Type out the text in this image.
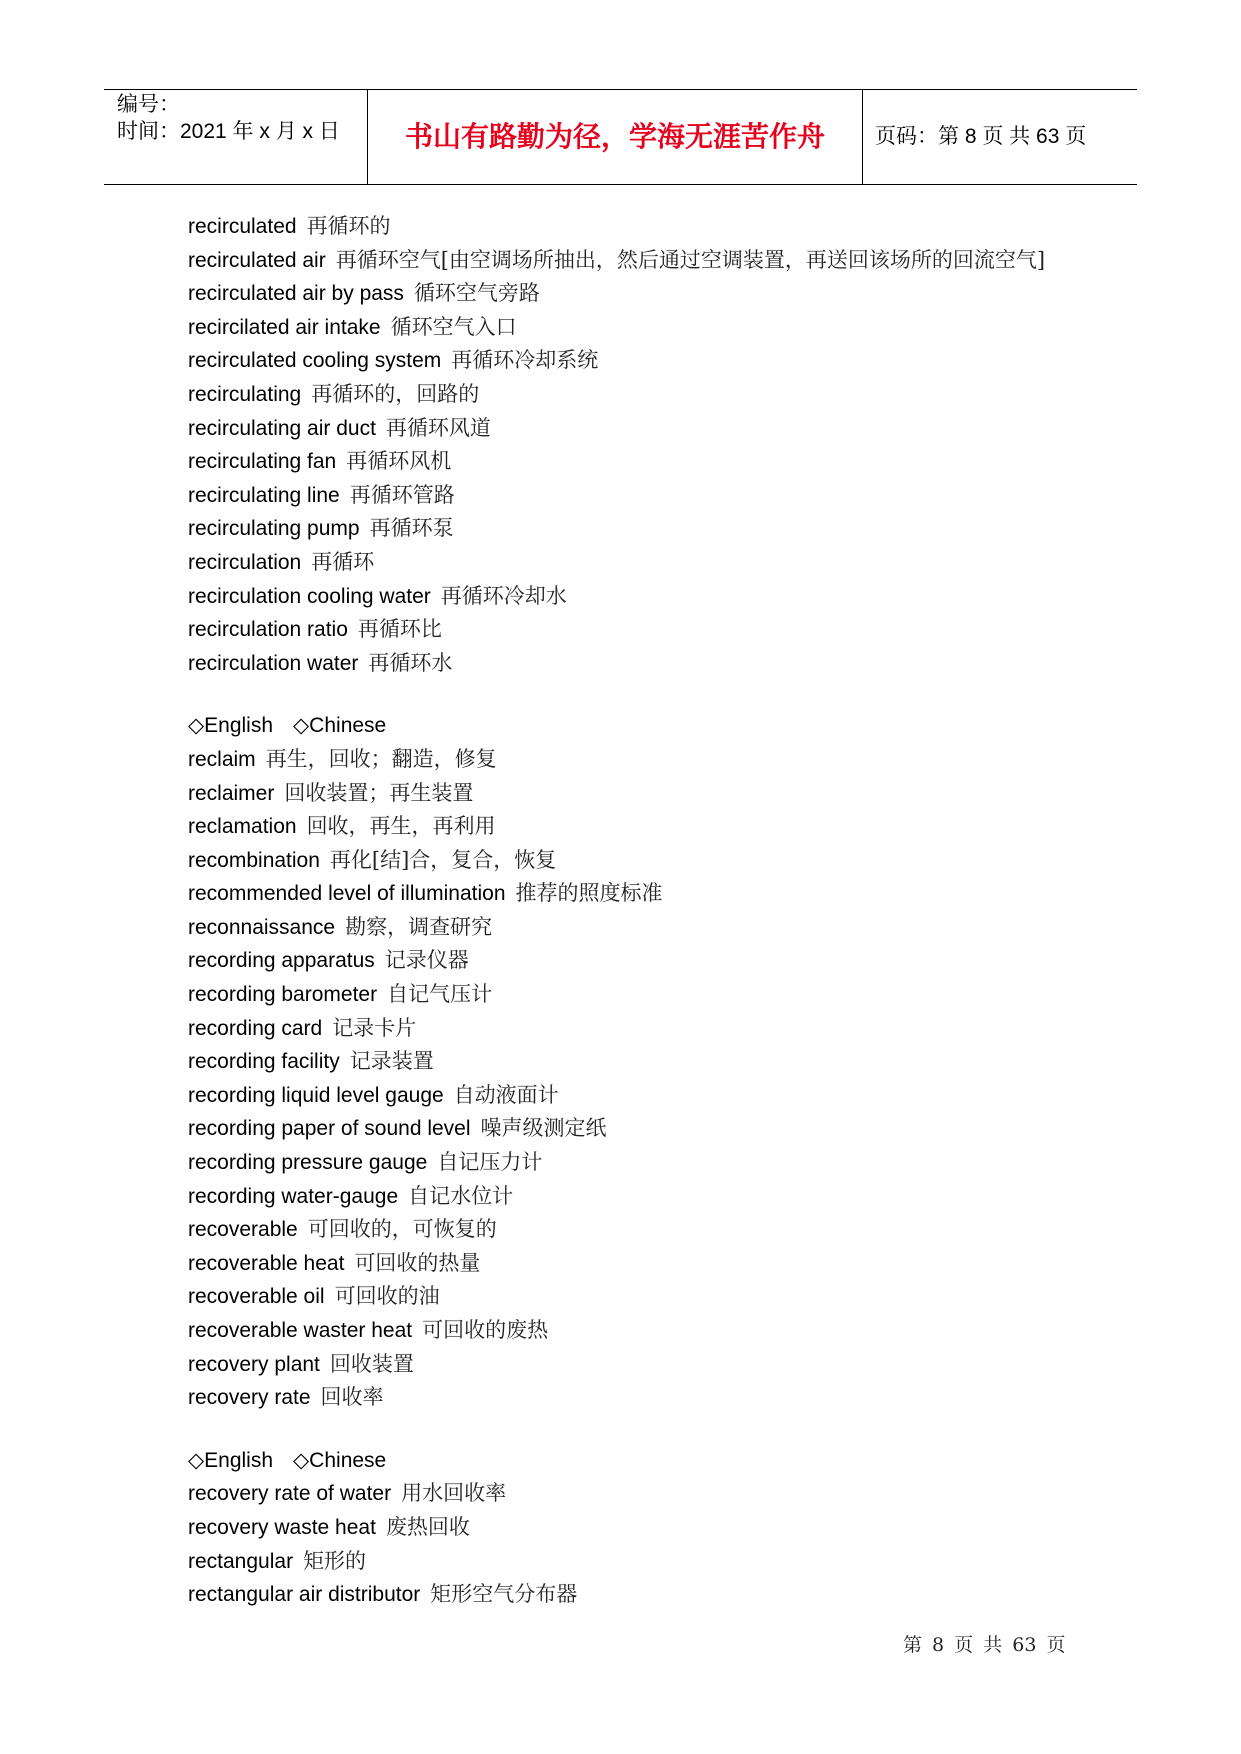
编号：
时间：2021 年 x 月 x 日	书山有路勤为径，学海无涯苦作舟	页码：第 8 页 共 63 页
recirculated 再循环的
recirculated air 再循环空气[由空调场所抽出，然后通过空调装置，再送回该场所的回流空气]
recirculated air by pass 循环空气旁路
recircilated air intake 循环空气入口
recirculated cooling system 再循环冷却系统
recirculating 再循环的，回路的
recirculating air duct 再循环风道
recirculating fan 再循环风机
recirculating line 再循环管路
recirculating pump 再循环泵
recirculation 再循环
recirculation cooling water 再循环冷却水
recirculation ratio 再循环比
recirculation water 再循环水
◇English ◇Chinese
reclaim 再生，回收；翻造，修复
reclaimer 回收装置；再生装置
reclamation 回收，再生，再利用
recombination 再化[结]合，复合，恢复
recommended level of illumination 推荐的照度标准
reconnaissance 勘察，调查研究
recording apparatus 记录仪器
recording barometer 自记气压计
recording card 记录卡片
recording facility 记录装置
recording liquid level gauge 自动液面计
recording paper of sound level 噪声级测定纸
recording pressure gauge 自记压力计
recording water-gauge 自记水位计
recoverable 可回收的，可恢复的
recoverable heat 可回收的热量
recoverable oil 可回收的油
recoverable waster heat 可回收的废热
recovery plant 回收装置
recovery rate 回收率
◇English ◇Chinese
recovery rate of water 用水回收率
recovery waste heat 废热回收
rectangular 矩形的
rectangular air distributor 矩形空气分布器
第 8 页 共 63 页
